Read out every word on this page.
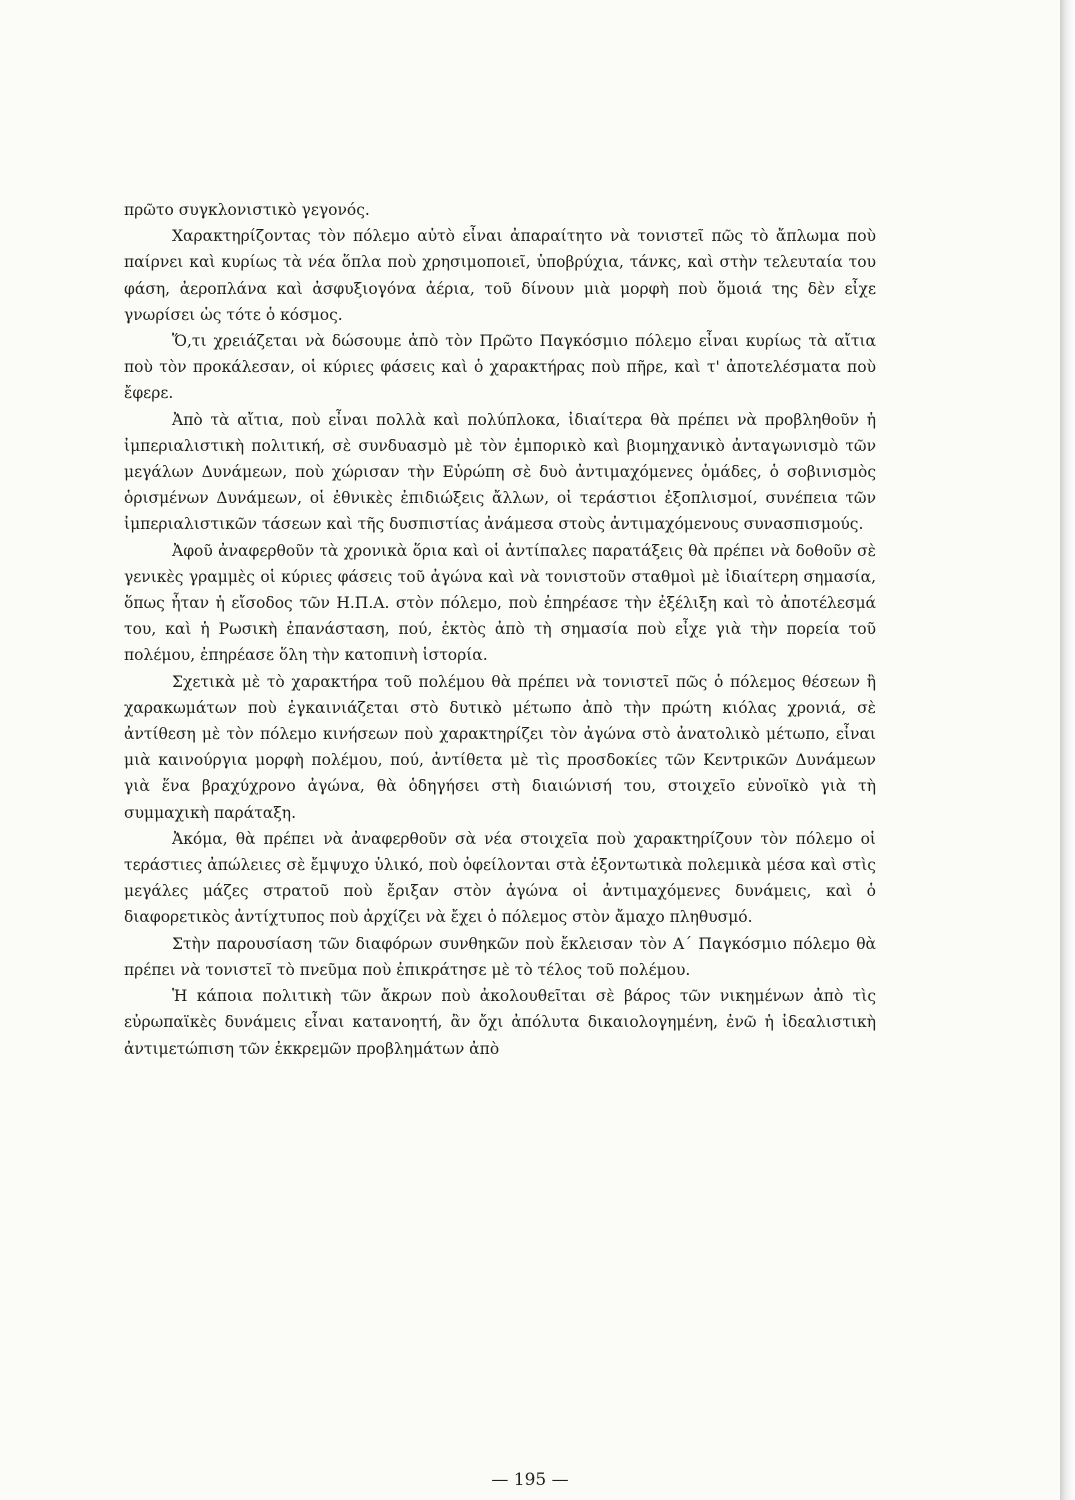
πρῶτο συγκλονιστικὸ γεγονός.

Χαρακτηρίζοντας τὸν πόλεμο αὐτὸ εἶναι ἀπαραίτητο νὰ τονιστεῖ πῶς τὸ ἄπλωμα ποὺ παίρνει καὶ κυρίως τὰ νέα ὅπλα ποὺ χρησιμοποιεῖ, ὑποβρύχια, τάνκς, καὶ στὴν τελευταία του φάση, ἀεροπλάνα καὶ ἀσφυξιογόνα ἀέρια, τοῦ δίνουν μιὰ μορφὴ ποὺ ὅμοιά της δὲν εἶχε γνωρίσει ὡς τότε ὁ κόσμος.

Ὅ,τι χρειάζεται νὰ δώσουμε ἀπὸ τὸν Πρῶτο Παγκόσμιο πόλεμο εἶναι κυρίως τὰ αἴτια ποὺ τὸν προκάλεσαν, οἱ κύριες φάσεις καὶ ὁ χαρακτήρας ποὺ πῆρε, καὶ τ' ἀποτελέσματα ποὺ ἔφερε.

Ἀπὸ τὰ αἴτια, ποὺ εἶναι πολλὰ καὶ πολύπλοκα, ἰδιαίτερα θὰ πρέπει νὰ προβληθοῦν ἡ ἰμπεριαλιστικὴ πολιτική, σὲ συνδυασμὸ μὲ τὸν ἐμπορικὸ καὶ βιομηχανικὸ ἀνταγωνισμὸ τῶν μεγάλων Δυνάμεων, ποὺ χώρισαν τὴν Εὐρώπη σὲ δυὸ ἀντιμαχόμενες ὁμάδες, ὁ σοβινισμὸς ὁρισμένων Δυνάμεων, οἱ ἐθνικὲς ἐπιδιώξεις ἄλλων, οἱ τεράστιοι ἐξοπλισμοί, συνέπεια τῶν ἰμπεριαλιστικῶν τάσεων καὶ τῆς δυσπιστίας ἀνάμεσα στοὺς ἀντιμαχόμενους συνασπισμούς.

Ἀφοῦ ἀναφερθοῦν τὰ χρονικὰ ὅρια καὶ οἱ ἀντίπαλες παρατάξεις θὰ πρέπει νὰ δοθοῦν σὲ γενικὲς γραμμὲς οἱ κύριες φάσεις τοῦ ἀγώνα καὶ νὰ τονιστοῦν σταθμοὶ μὲ ἰδιαίτερη σημασία, ὅπως ἦταν ἡ εἴσοδος τῶν Η.Π.Α. στὸν πόλεμο, ποὺ ἐπηρέασε τὴν ἐξέλιξη καὶ τὸ ἀποτέλεσμά του, καὶ ἡ Ρωσικὴ ἐπανάσταση, πού, ἐκτὸς ἀπὸ τὴ σημασία ποὺ εἶχε γιὰ τὴν πορεία τοῦ πολέμου, ἐπηρέασε ὅλη τὴν κατοπινὴ ἱστορία.

Σχετικὰ μὲ τὸ χαρακτήρα τοῦ πολέμου θὰ πρέπει νὰ τονιστεῖ πῶς ὁ πόλεμος θέσεων ἢ χαρακωμάτων ποὺ ἐγκαινιάζεται στὸ δυτικὸ μέτωπο ἀπὸ τὴν πρώτη κιόλας χρονιά, σὲ ἀντίθεση μὲ τὸν πόλεμο κινήσεων ποὺ χαρακτηρίζει τὸν ἀγώνα στὸ ἀνατολικὸ μέτωπο, εἶναι μιὰ καινούργια μορφὴ πολέμου, πού, ἀντίθετα μὲ τὶς προσδοκίες τῶν Κεντρικῶν Δυνάμεων γιὰ ἕνα βραχύχρονο ἀγώνα, θὰ ὁδηγήσει στὴ διαιώνισή του, στοιχεῖο εὐνοϊκὸ γιὰ τὴ συμμαχικὴ παράταξη.

Ἀκόμα, θὰ πρέπει νὰ ἀναφερθοῦν σὰ νέα στοιχεῖα ποὺ χαρακτηρίζουν τὸν πόλεμο οἱ τεράστιες ἀπώλειες σὲ ἔμψυχο ὑλικό, ποὺ ὀφείλονται στὰ ἐξοντωτικὰ πολεμικὰ μέσα καὶ στὶς μεγάλες μάζες στρατοῦ ποὺ ἔριξαν στὸν ἀγώνα οἱ ἀντιμαχόμενες δυνάμεις, καὶ ὁ διαφορετικὸς ἀντίχτυπος ποὺ ἀρχίζει νὰ ἔχει ὁ πόλεμος στὸν ἄμαχο πληθυσμό.

Στὴν παρουσίαση τῶν διαφόρων συνθηκῶν ποὺ ἔκλεισαν τὸν Α΄ Παγκόσμιο πόλεμο θὰ πρέπει νὰ τονιστεῖ τὸ πνεῦμα ποὺ ἐπικράτησε μὲ τὸ τέλος τοῦ πολέμου.

Ἡ κάποια πολιτικὴ τῶν ἄκρων ποὺ ἀκολουθεῖται σὲ βάρος τῶν νικημένων ἀπὸ τὶς εὐρωπαϊκὲς δυνάμεις εἶναι κατανοητή, ἂν ὄχι ἀπόλυτα δικαιολογημένη, ἐνῶ ἡ ἰδεαλιστικὴ ἀντιμετώπιση τῶν ἐκκρεμῶν προβλημάτων ἀπὸ

— 195 —
